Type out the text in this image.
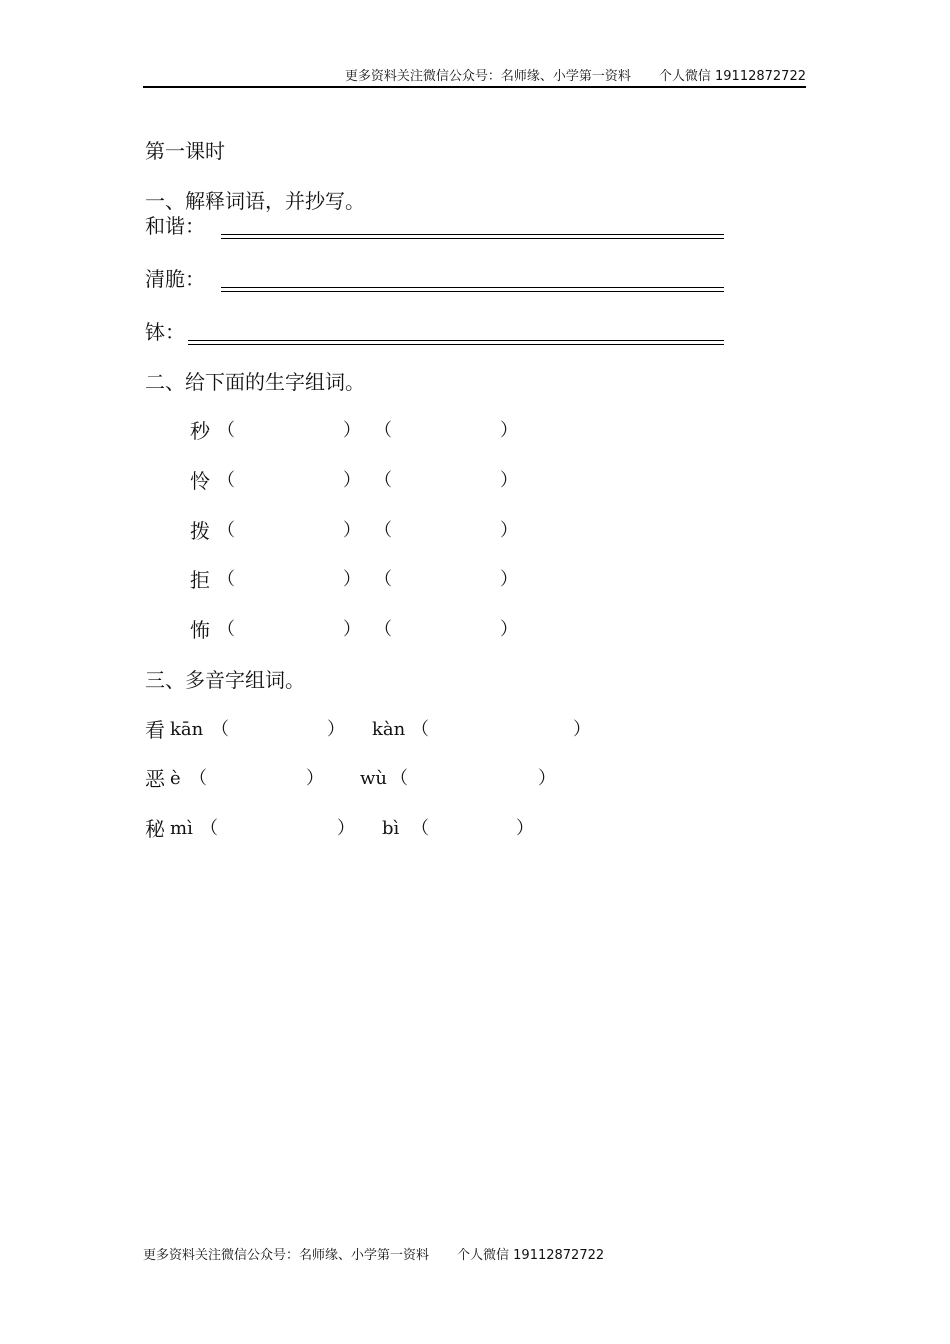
更多资料关注微信公众号：名师缘、小学第一资料 个人微信 19112872722
第一课时
一、解释词语，并抄写。
和谐：
清脆：
钵：
二、给下面的生字组词。
秒 （	） （	）
怜 （	） （	）
拨 （	） （	）
拒 （	） （	）
怖 （	） （	）
三、多音字组词。
看 kān （	） kàn （	）
恶 è （	） wù （	）
秘 mì （	） bì （	）
更多资料关注微信公众号：名师缘、小学第一资料 个人微信 19112872722
